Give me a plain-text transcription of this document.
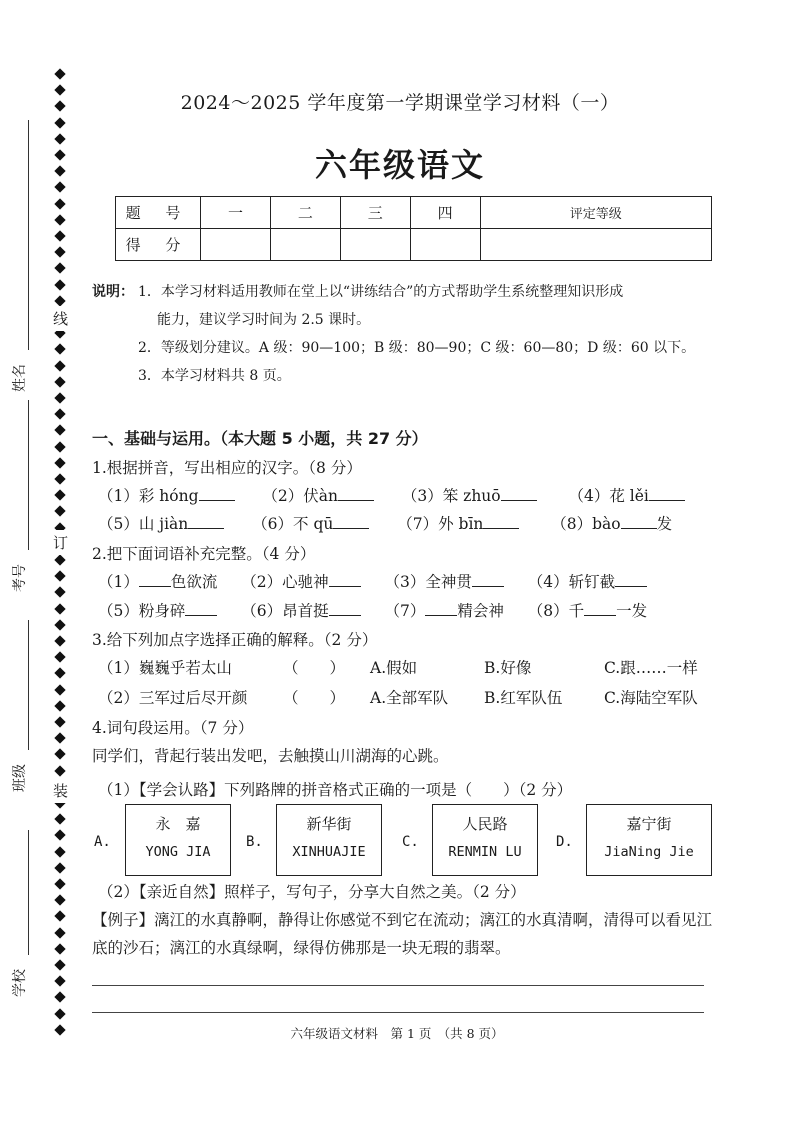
线
订
装
姓名
考号
班级
学校
2024～2025 学年度第一学期课堂学习材料（一）
六年级语文
题 号	一	二	三	四	评定等级
得 分					
说明： 1．本学习材料适用教师在堂上以“讲练结合”的方式帮助学生系统整理知识形成
能力，建议学习时间为 2.5 课时。
2．等级划分建议。A 级：90—100；B 级：80—90；C 级：60—80；D 级：60 以下。
3．本学习材料共 8 页。
一、基础与运用。（本大题 5 小题，共 27 分）
1.根据拼音，写出相应的汉字。（8 分）
（1）彩 hóng	（2）伏àn	（3）笨 zhuō	（4）花 lěi
（5）山 jiàn	（6）不 qū	（7）外 bīn	（8）bào 发
2.把下面词语补充完整。（4 分）
（1） 色欲流 （2）心驰神	（3）全神贯	（4）斩钉截
（5）粉身碎	（6）昂首挺	（7） 精会神 （8）千 一发
3.给下列加点字选择正确的解释。（2 分）
（1）巍巍乎若太山	（　　） A.假如	B.好像	C.跟……一样
（2）三军过后尽开颜 （　　） A.全部军队 B.红军队伍	C.海陆空军队
4.词句段运用。（7 分）
同学们，背起行装出发吧，去触摸山川湖海的心跳。
（1）【学会认路】下列路牌的拼音格式正确的一项是（　　）（2 分）
A.
永　嘉
YONG JIA
B.
新华街
XINHUAJIE
C.
人民路
RENMIN LU
D.
嘉宁街
JiaNing Jie
（2）【亲近自然】照样子，写句子，分享大自然之美。（2 分）
【例子】漓江的水真静啊，静得让你感觉不到它在流动；漓江的水真清啊，清得可以看见江底的沙石；漓江的水真绿啊，绿得仿佛那是一块无瑕的翡翠。
六年级语文材料　第 1 页　（共 8 页）
